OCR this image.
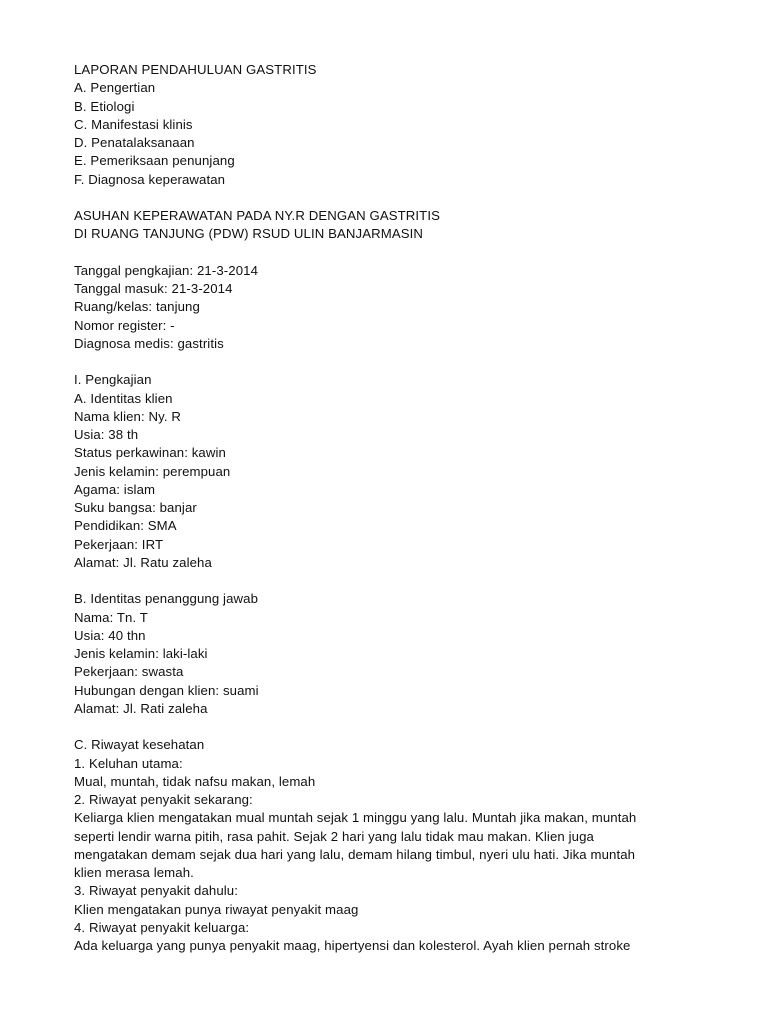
LAPORAN PENDAHULUAN GASTRITIS
A. Pengertian
B. Etiologi
C. Manifestasi klinis
D. Penatalaksanaan
E. Pemeriksaan penunjang
F. Diagnosa keperawatan
ASUHAN KEPERAWATAN PADA NY.R DENGAN GASTRITIS
DI RUANG TANJUNG (PDW) RSUD ULIN BANJARMASIN
Tanggal pengkajian: 21-3-2014
Tanggal masuk: 21-3-2014
Ruang/kelas: tanjung
Nomor register: -
Diagnosa medis: gastritis
I. Pengkajian
A. Identitas klien
Nama klien: Ny. R
Usia: 38 th
Status perkawinan: kawin
Jenis kelamin: perempuan
Agama: islam
Suku bangsa: banjar
Pendidikan: SMA
Pekerjaan: IRT
Alamat: Jl. Ratu zaleha
B. Identitas penanggung jawab
Nama: Tn. T
Usia: 40 thn
Jenis kelamin: laki-laki
Pekerjaan: swasta
Hubungan dengan klien: suami
Alamat: Jl. Rati zaleha
C. Riwayat kesehatan
1. Keluhan utama:
Mual, muntah, tidak nafsu makan, lemah
2. Riwayat penyakit sekarang:
Keliarga klien mengatakan mual muntah sejak 1 minggu yang lalu. Muntah jika makan, muntah
seperti lendir warna pitih, rasa pahit. Sejak 2 hari yang lalu tidak mau makan. Klien juga
mengatakan demam sejak dua hari yang lalu, demam hilang timbul, nyeri ulu hati. Jika muntah
klien merasa lemah.
3. Riwayat penyakit dahulu:
Klien mengatakan punya riwayat penyakit maag
4. Riwayat penyakit keluarga:
Ada keluarga yang punya penyakit maag, hipertyensi dan kolesterol. Ayah klien pernah stroke
